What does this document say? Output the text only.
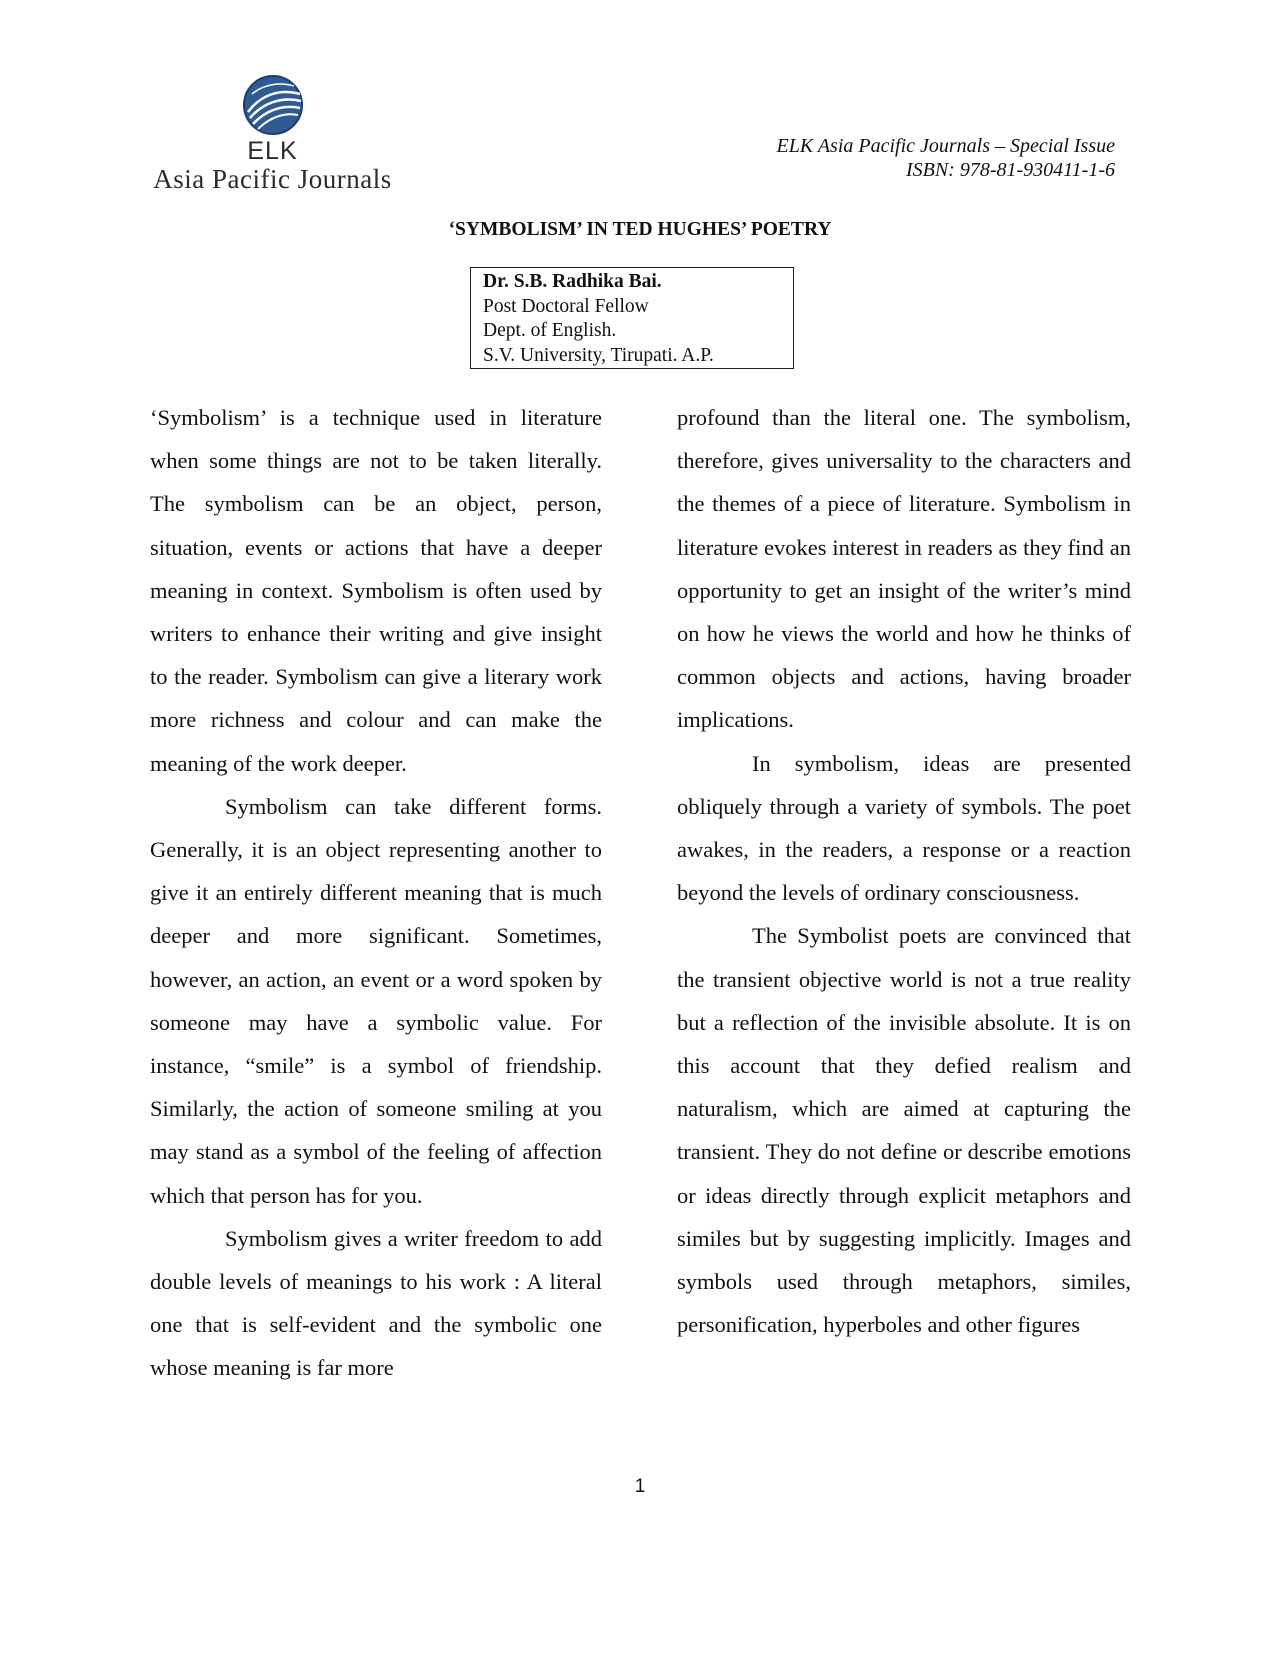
ELK
Asia Pacific Journals
ELK Asia Pacific Journals – Special Issue
ISBN: 978-81-930411-1-6
‘SYMBOLISM’ IN TED HUGHES’ POETRY
Dr. S.B. Radhika Bai.
Post Doctoral Fellow
Dept. of English.
S.V. University, Tirupati. A.P.

‘Symbolism’ is a technique used in literature when some things are not to be taken literally. The symbolism can be an object, person, situation, events or actions that have a deeper meaning in context. Symbolism is often used by writers to enhance their writing and give insight to the reader. Symbolism can give a literary work more richness and colour and can make the meaning of the work deeper.

Symbolism can take different forms. Generally, it is an object representing another to give it an entirely different meaning that is much deeper and more significant. Sometimes, however, an action, an event or a word spoken by someone may have a symbolic value. For instance, “smile” is a symbol of friendship. Similarly, the action of someone smiling at you may stand as a symbol of the feeling of affection which that person has for you.

Symbolism gives a writer freedom to add double levels of meanings to his work : A literal one that is self-evident and the symbolic one whose meaning is far more

profound than the literal one. The symbolism, therefore, gives universality to the characters and the themes of a piece of literature. Symbolism in literature evokes interest in readers as they find an opportunity to get an insight of the writer’s mind on how he views the world and how he thinks of common objects and actions, having broader implications.

In symbolism, ideas are presented obliquely through a variety of symbols. The poet awakes, in the readers, a response or a reaction beyond the levels of ordinary consciousness.

The Symbolist poets are convinced that the transient objective world is not a true reality but a reflection of the invisible absolute. It is on this account that they defied realism and naturalism, which are aimed at capturing the transient. They do not define or describe emotions or ideas directly through explicit metaphors and similes but by suggesting implicitly. Images and symbols used through metaphors, similes, personification, hyperboles and other figures

1
